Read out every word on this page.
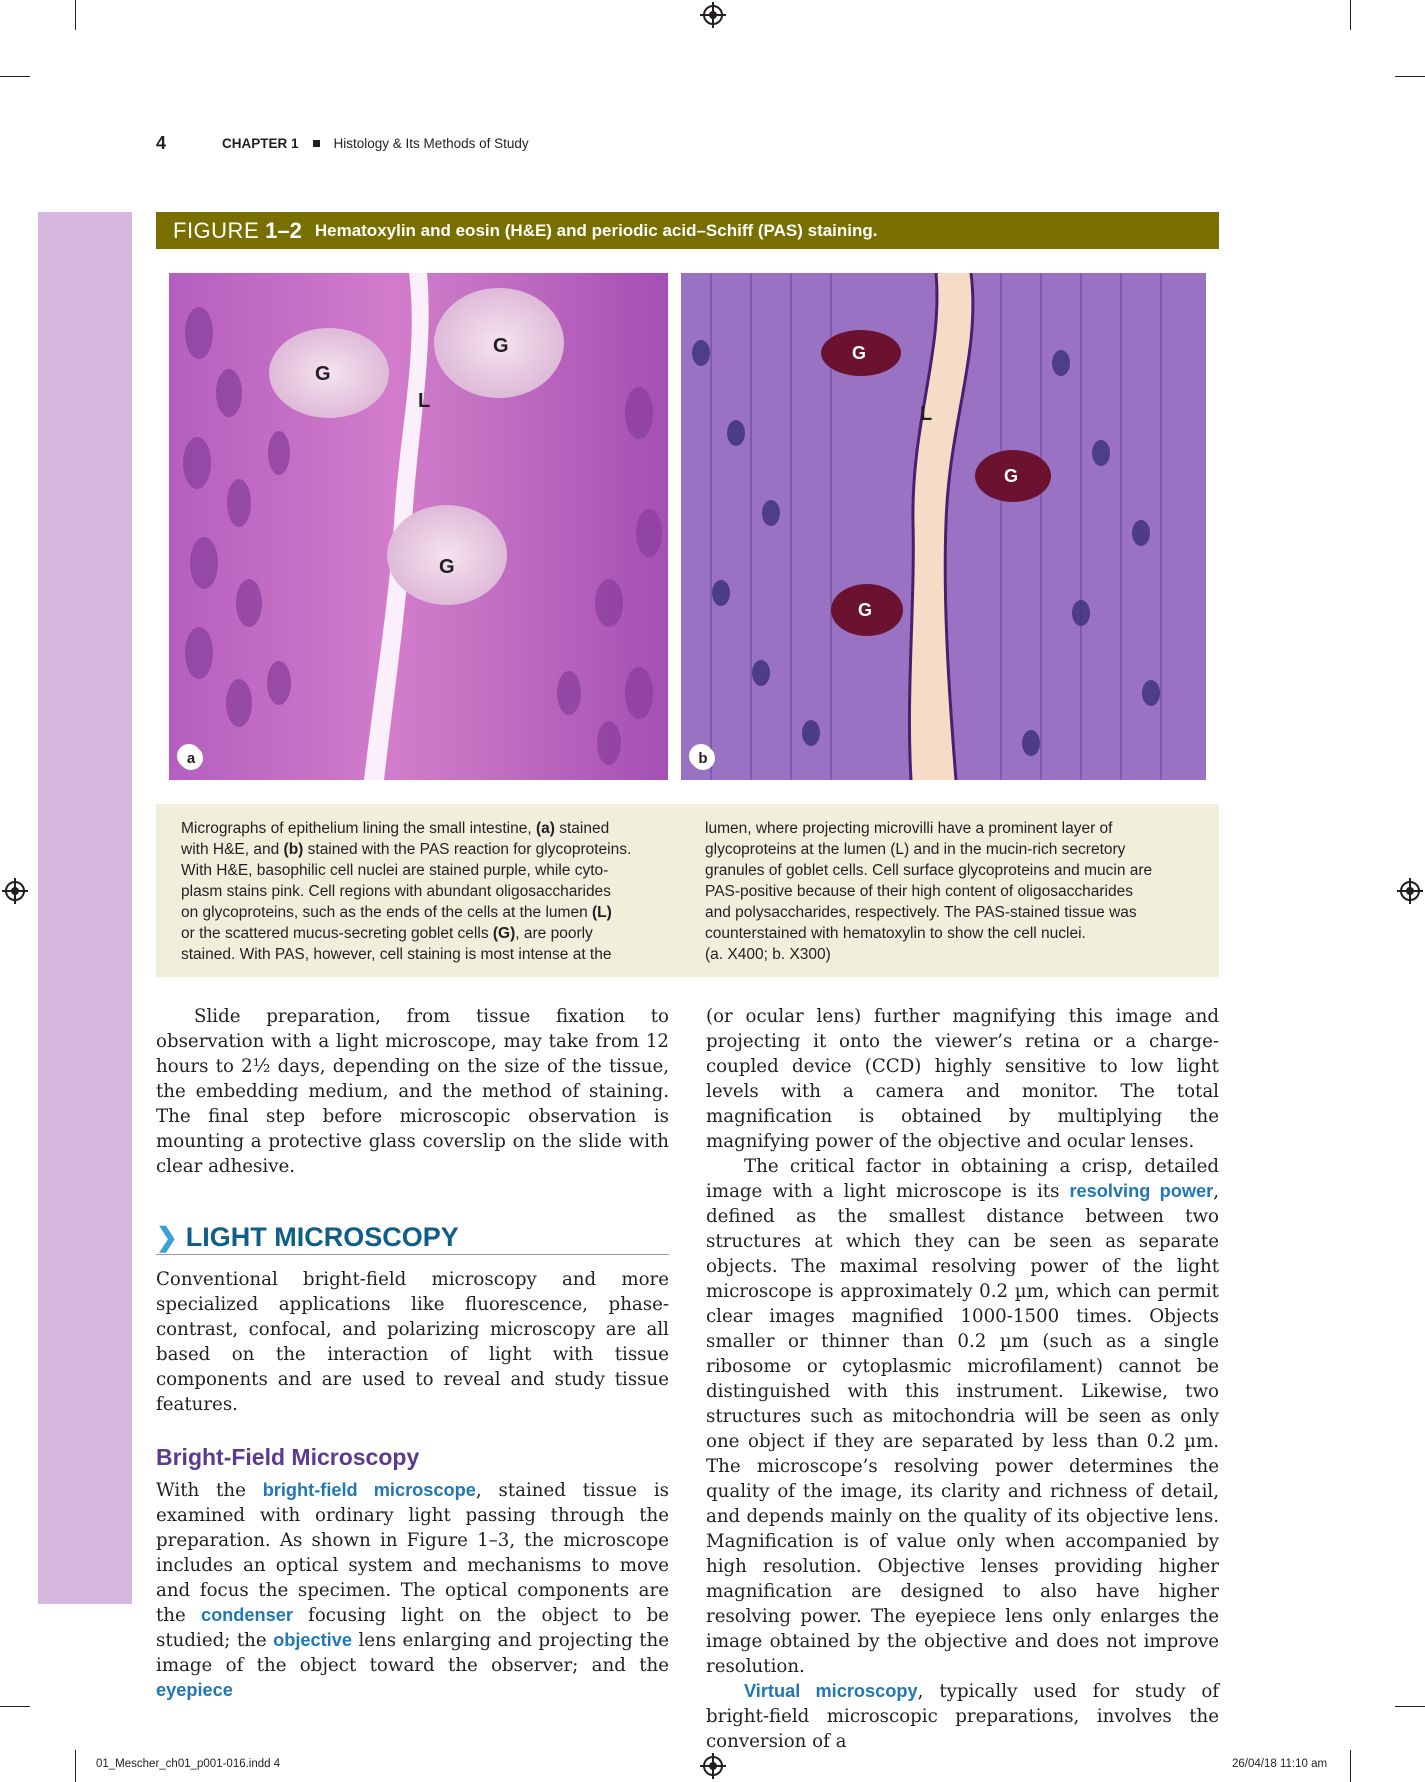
4	CHAPTER 1	Histology & Its Methods of Study
FIGURE 1–2 Hematoxylin and eosin (H&E) and periodic acid–Schiff (PAS) staining.
G
G
G
L
a
G
G
G
L
b
Micrographs of epithelium lining the small intestine, (a) stained
with H&E, and (b) stained with the PAS reaction for glycoproteins.
With H&E, basophilic cell nuclei are stained purple, while cyto-
plasm stains pink. Cell regions with abundant oligosaccharides
on glycoproteins, such as the ends of the cells at the lumen (L)
or the scattered mucus-secreting goblet cells (G), are poorly
stained. With PAS, however, cell staining is most intense at the
lumen, where projecting microvilli have a prominent layer of
glycoproteins at the lumen (L) and in the mucin-rich secretory
granules of goblet cells. Cell surface glycoproteins and mucin are
PAS-positive because of their high content of oligosaccharides
and polysaccharides, respectively. The PAS-stained tissue was
counterstained with hematoxylin to show the cell nuclei.
(a. X400; b. X300)

Slide preparation, from tissue fixation to observation with a light microscope, may take from 12 hours to 2½ days, depending on the size of the tissue, the embedding medium, and the method of staining. The final step before microscopic observation is mounting a protective glass coverslip on the slide with clear adhesive.

❯ LIGHT MICROSCOPY

Conventional bright-field microscopy and more specialized applications like fluorescence, phase-contrast, confocal, and polarizing microscopy are all based on the interaction of light with tissue components and are used to reveal and study tissue features.

Bright-Field Microscopy

With the bright-field microscope, stained tissue is examined with ordinary light passing through the preparation. As shown in Figure 1–3, the microscope includes an optical system and mechanisms to move and focus the specimen. The optical components are the condenser focusing light on the object to be studied; the objective lens enlarging and projecting the image of the object toward the observer; and the eyepiece

(or ocular lens) further magnifying this image and projecting it onto the viewer’s retina or a charge-coupled device (CCD) highly sensitive to low light levels with a camera and monitor. The total magnification is obtained by multiplying the magnifying power of the objective and ocular lenses.

The critical factor in obtaining a crisp, detailed image with a light microscope is its resolving power, defined as the smallest distance between two structures at which they can be seen as separate objects. The maximal resolving power of the light microscope is approximately 0.2 µm, which can permit clear images magnified 1000-1500 times. Objects smaller or thinner than 0.2 µm (such as a single ribosome or cytoplasmic microfilament) cannot be distinguished with this instrument. Likewise, two structures such as mitochondria will be seen as only one object if they are separated by less than 0.2 µm. The microscope’s resolving power determines the quality of the image, its clarity and richness of detail, and depends mainly on the quality of its objective lens. Magnification is of value only when accompanied by high resolution. Objective lenses providing higher magnification are designed to also have higher resolving power. The eyepiece lens only enlarges the image obtained by the objective and does not improve resolution.

Virtual microscopy, typically used for study of bright-field microscopic preparations, involves the conversion of a

01_Mescher_ch01_p001-016.indd 4	26/04/18 11:10 am
